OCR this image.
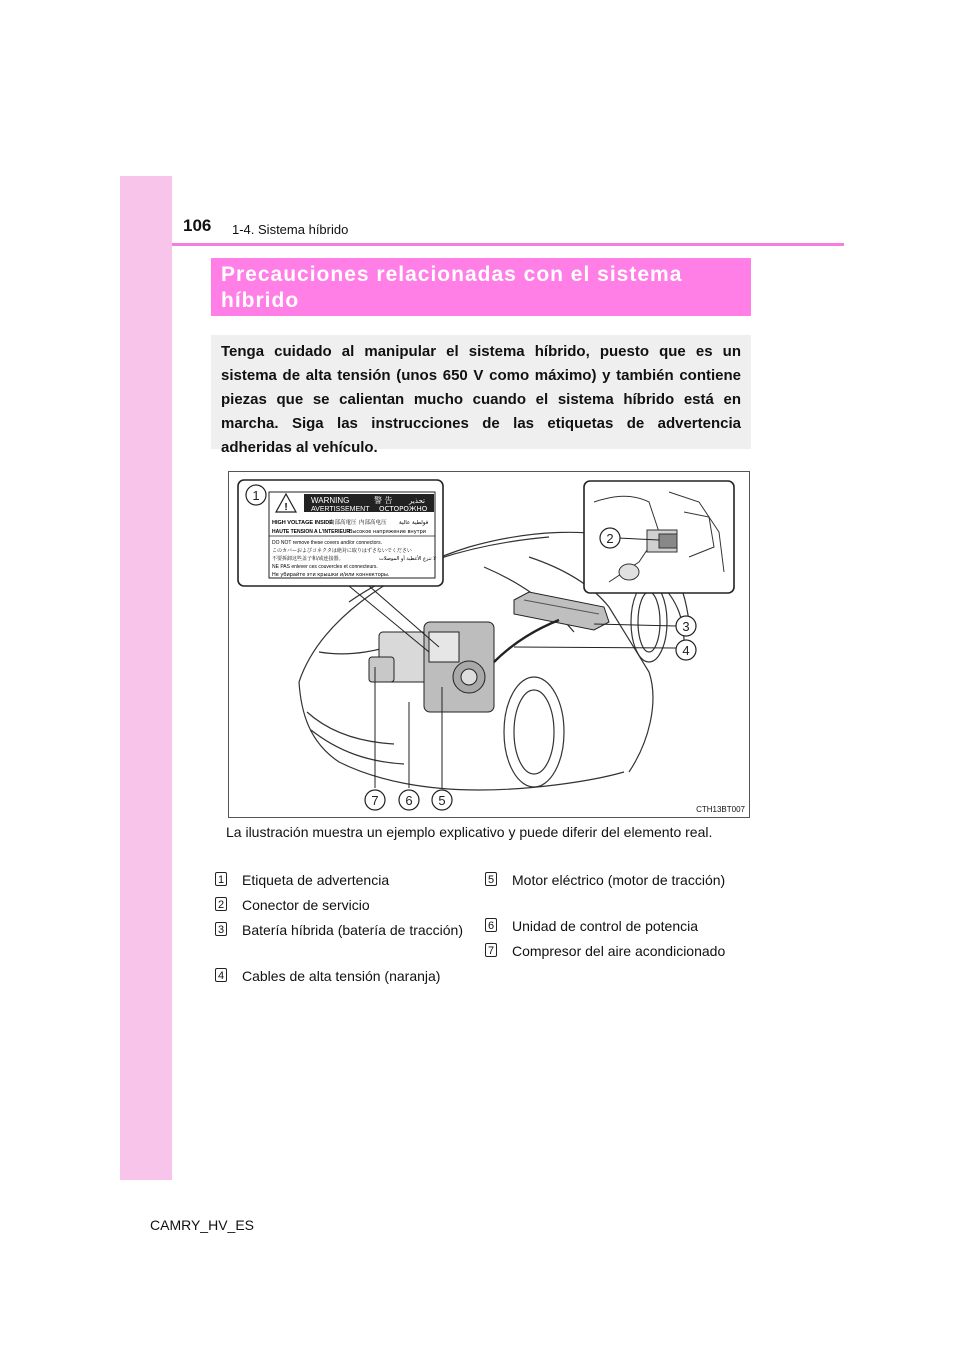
106 1-4. Sistema híbrido
Precauciones relacionadas con el sistema híbrido

Tenga cuidado al manipular el sistema híbrido, puesto que es un sistema de alta tensión (unos 650 V como máximo) y también contiene piezas que se calientan mucho cuando el sistema híbrido está en marcha. Siga las instrucciones de las etiquetas de advertencia adheridas al vehículo.

!
WARNING	警 告 تحذير
AVERTISSEMENT ОСТОРОЖНО
HIGH VOLTAGE INSIDE
内部高電圧 内部高电压 فولطية عالية
HAUTE TENSION A L'INTERIEUR
Высокое напряжение внутри
DO NOT remove these covers and/or connectors.
このカバーおよびコネクタは絶対に取りはずさないでください
不要拆卸这些盖子和/或连接器。	لا تنزع الأغطية أو الموصلات
NE PAS enlever ces couvercles et connecteurs.
Не убирайте эти крышки и/или коннекторы.
1
2
3
4
5
6
7
CTH13BT007

La ilustración muestra un ejemplo explicativo y puede diferir del elemento real.

1 Etiqueta de advertencia
2 Conector de servicio
3 Batería híbrida (batería de tracción)
4 Cables de alta tensión (naranja)
5 Motor eléctrico (motor de tracción)
6 Unidad de control de potencia
7 Compresor del aire acondicionado
CAMRY_HV_ES
